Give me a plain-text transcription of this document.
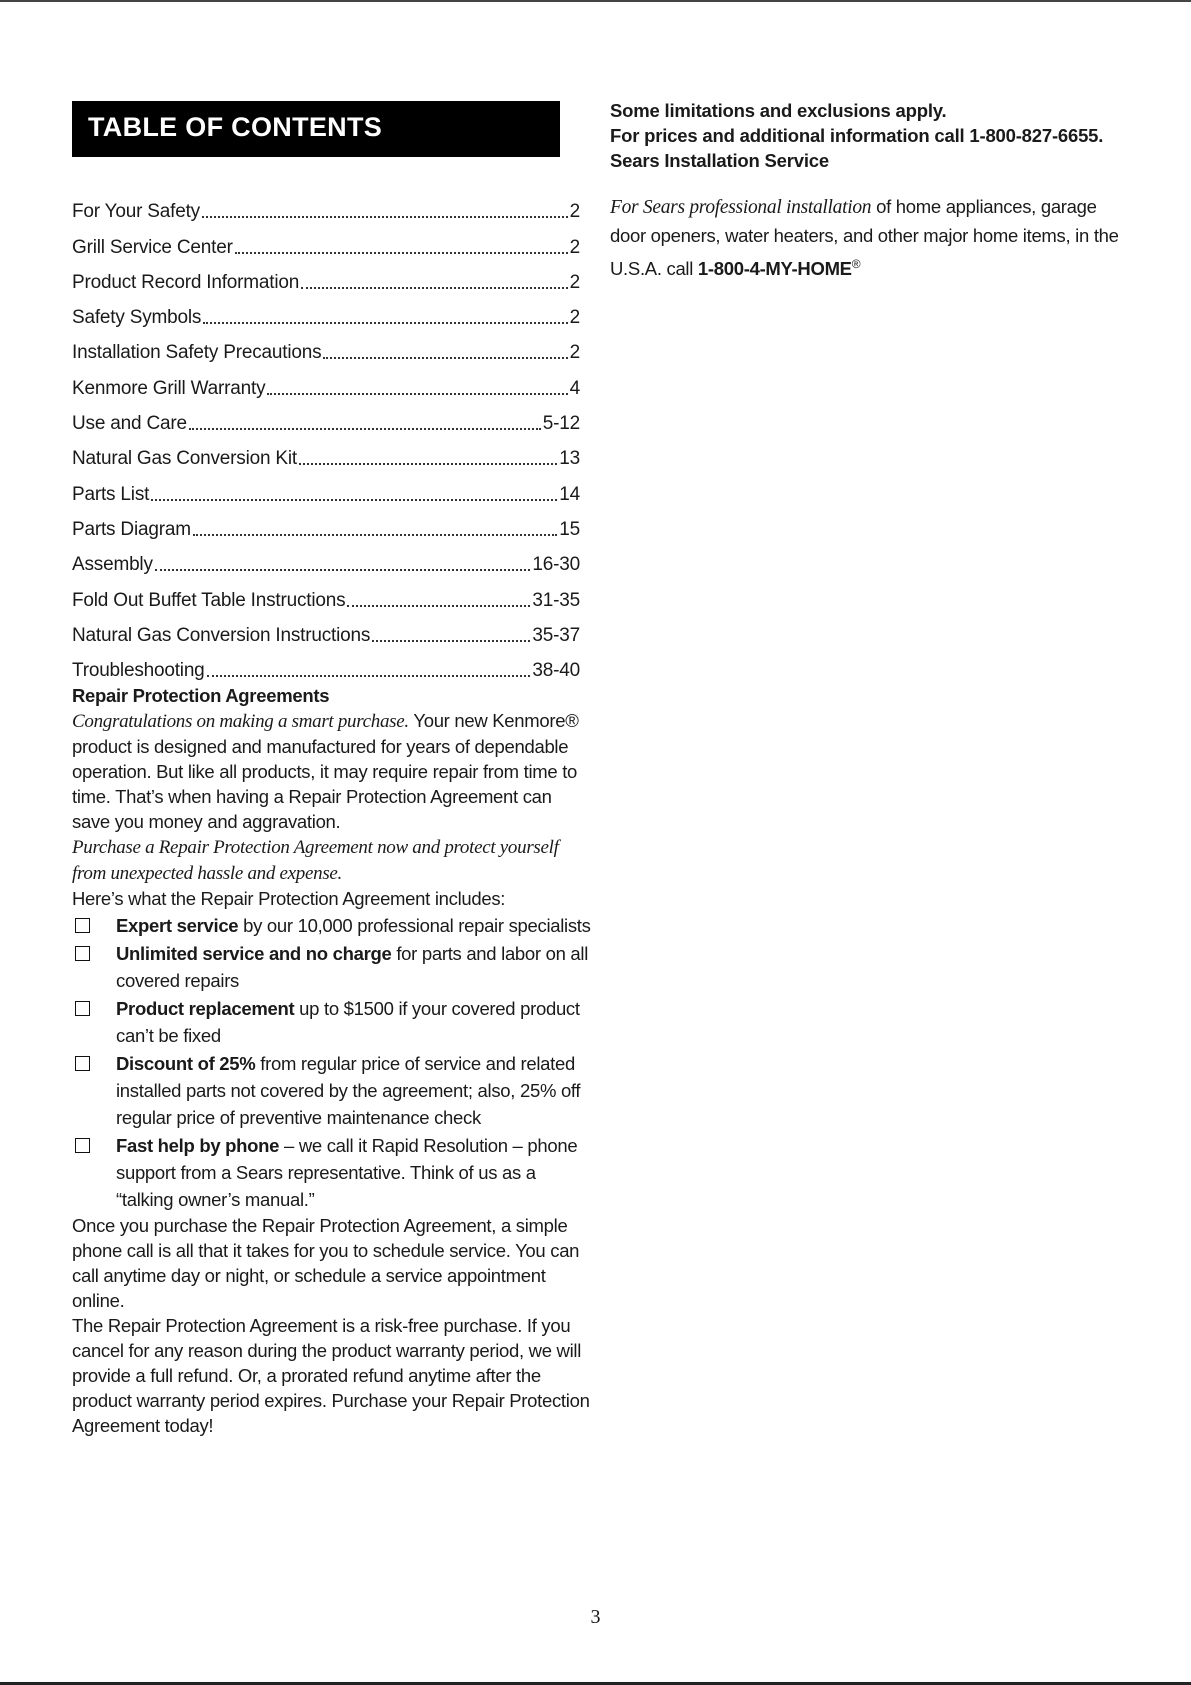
TABLE OF CONTENTS
For Your Safety	2
Grill Service Center	2
Product Record Information	2
Safety Symbols	2
Installation Safety Precautions	2
Kenmore Grill Warranty	4
Use and Care	5-12
Natural Gas Conversion Kit	13
Parts List	14
Parts Diagram	15
Assembly	16-30
Fold Out Buffet Table Instructions	31-35
Natural Gas Conversion Instructions	35-37
Troubleshooting	38-40

Repair Protection Agreements

Congratulations on making a smart purchase. Your new Kenmore® product is designed and manufactured for years of dependable operation. But like all products, it may require repair from time to time. That’s when having a Repair Protection Agreement can save you money and aggravation.

Purchase a Repair Protection Agreement now and protect yourself from unexpected hassle and expense.

Here’s what the Repair Protection Agreement includes:

Expert service by our 10,000 professional repair specialists
Unlimited service and no charge for parts and labor on all covered repairs
Product replacement up to $1500 if your covered product can’t be fixed
Discount of 25% from regular price of service and related installed parts not covered by the agreement; also, 25% off regular price of preventive maintenance check
Fast help by phone – we call it Rapid Resolution – phone support from a Sears representative. Think of us as a “talking owner’s manual.”

Once you purchase the Repair Protection Agreement, a simple phone call is all that it takes for you to schedule service. You can call anytime day or night, or schedule a service appointment online.

The Repair Protection Agreement is a risk-free purchase. If you cancel for any reason during the product warranty period, we will provide a full refund. Or, a prorated refund anytime after the product warranty period expires. Purchase your Repair Protection Agreement today!

Some limitations and exclusions apply.
For prices and additional information call 1-800-827-6655.
Sears Installation Service

For Sears professional installation of home appliances, garage door openers, water heaters, and other major home items, in the U.S.A. call 1-800-4-MY-HOME®

3
